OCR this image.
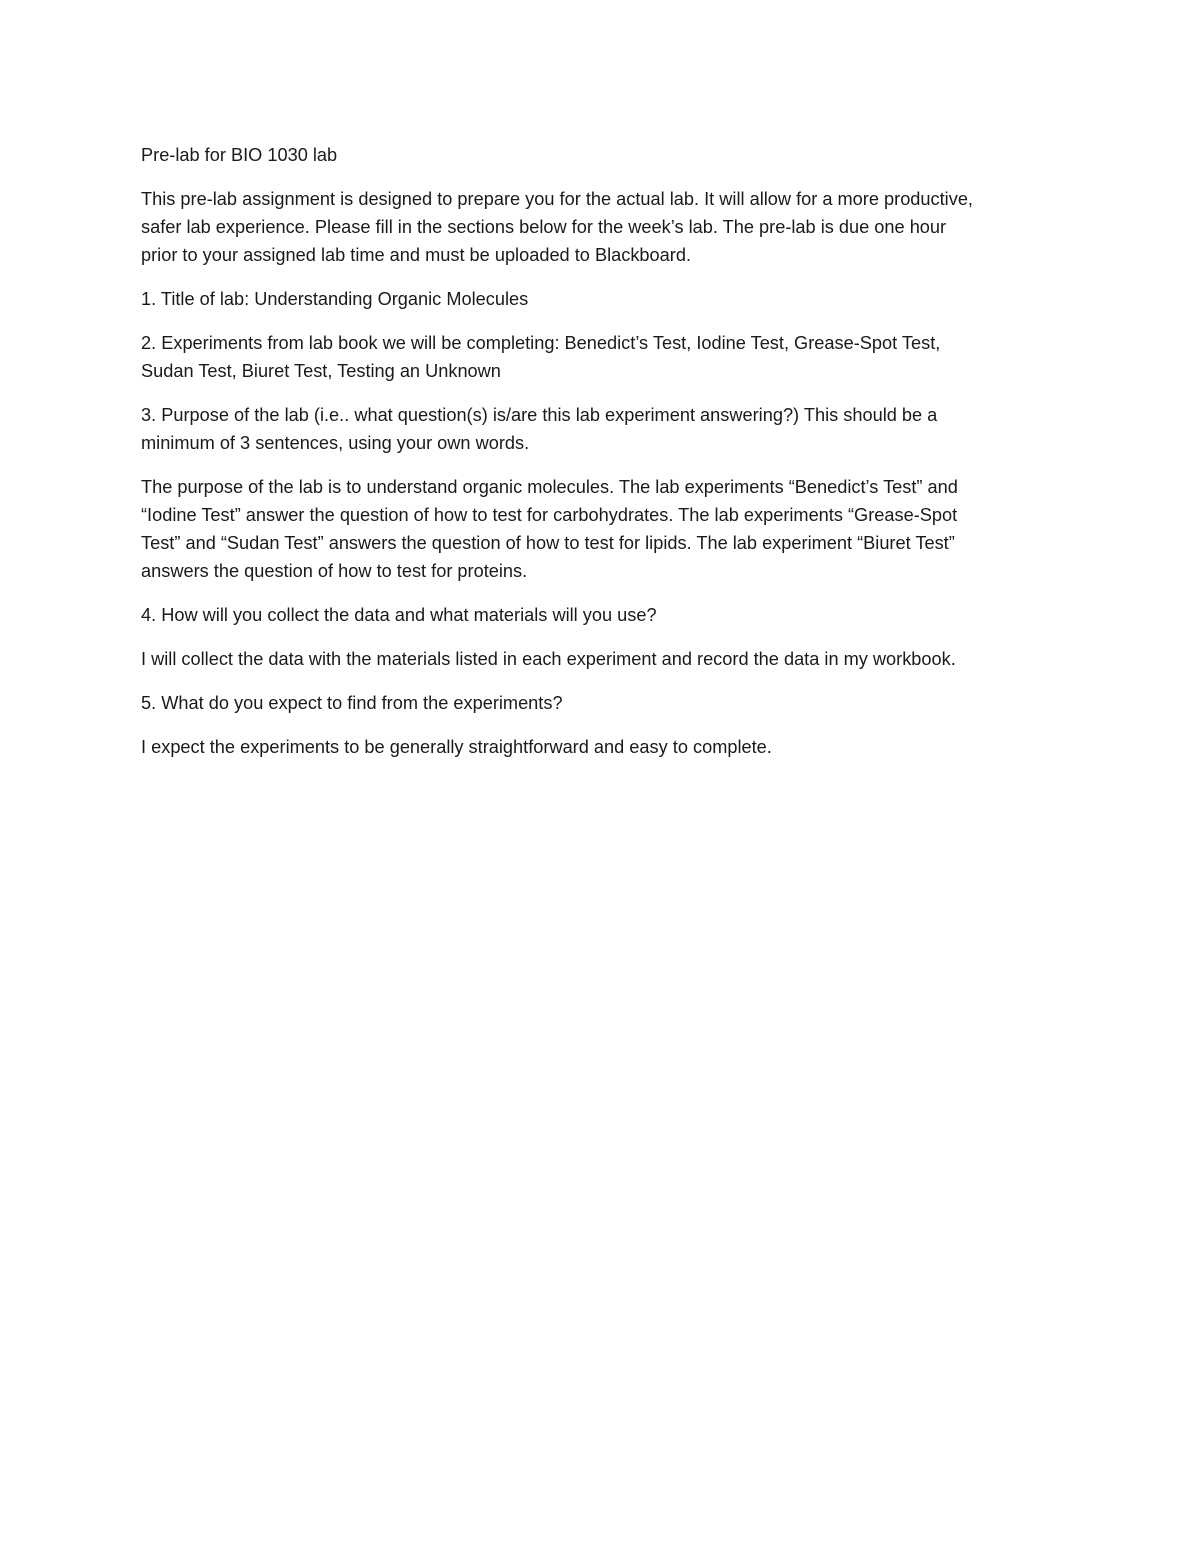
Pre-lab for BIO 1030 lab

This pre-lab assignment is designed to prepare you for the actual lab. It will allow for a more productive,
safer lab experience. Please fill in the sections below for the week’s lab. The pre-lab is due one hour
prior to your assigned lab time and must be uploaded to Blackboard.

1. Title of lab: Understanding Organic Molecules

2. Experiments from lab book we will be completing: Benedict’s Test, Iodine Test, Grease-Spot Test,
Sudan Test, Biuret Test, Testing an Unknown

3. Purpose of the lab (i.e.. what question(s) is/are this lab experiment answering?) This should be a
minimum of 3 sentences, using your own words.

The purpose of the lab is to understand organic molecules. The lab experiments “Benedict’s Test” and
“Iodine Test” answer the question of how to test for carbohydrates. The lab experiments “Grease-Spot
Test” and “Sudan Test” answers the question of how to test for lipids. The lab experiment “Biuret Test”
answers the question of how to test for proteins.

4. How will you collect the data and what materials will you use?

I will collect the data with the materials listed in each experiment and record the data in my workbook.

5. What do you expect to find from the experiments?

I expect the experiments to be generally straightforward and easy to complete.
